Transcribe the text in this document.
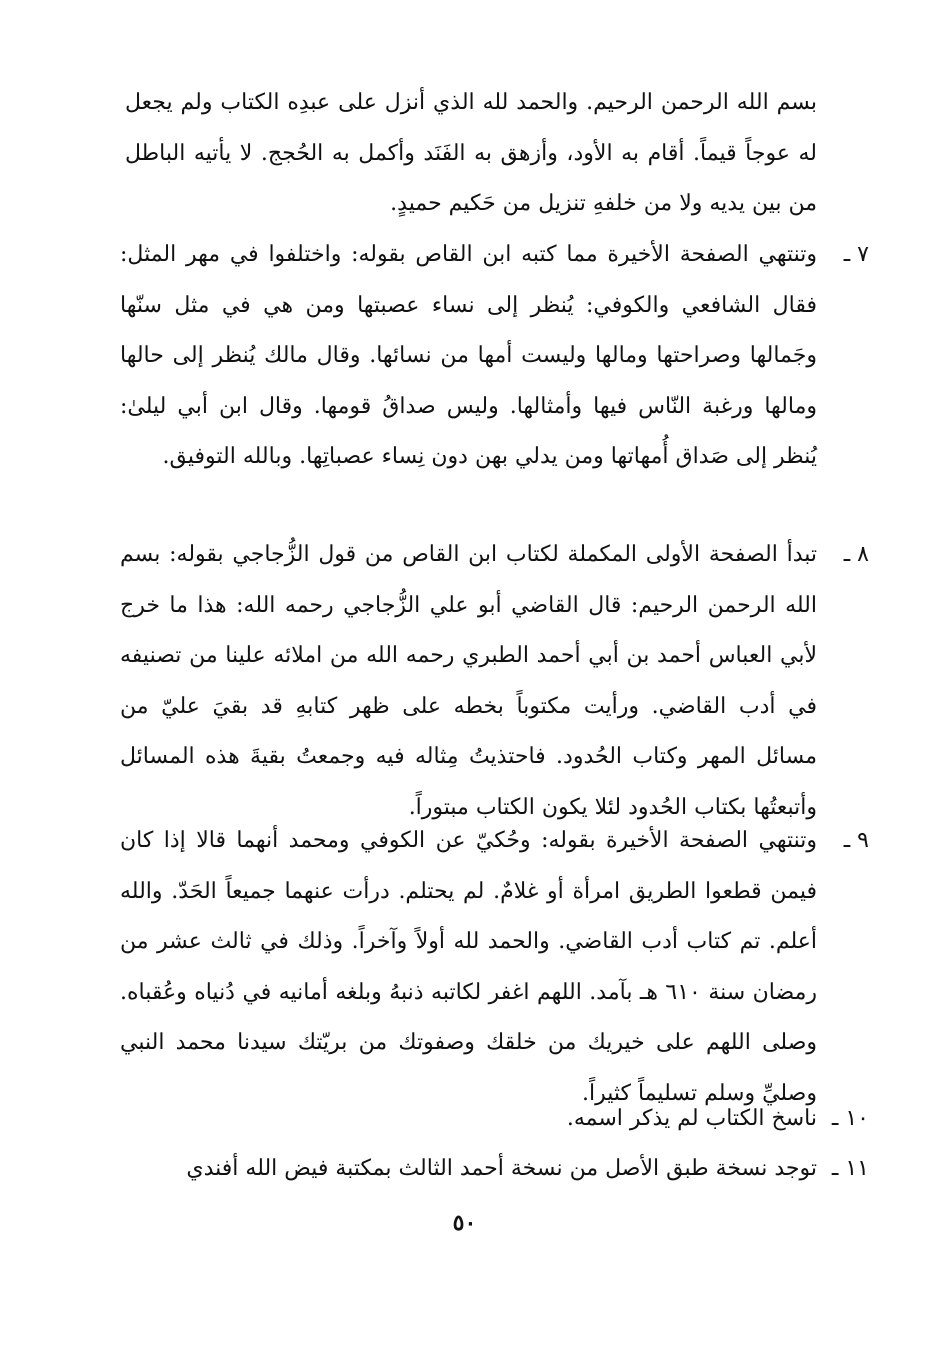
بسم الله الرحمن الرحيم. والحمد لله الذي أنزل على عبدِه الكتاب ولم يجعل له عوجاً قيماً. أقام به الأود، وأزهق به الفَنَد وأكمل به الحُجج. لا يأتيه الباطل من بين يديه ولا من خلفهِ تنزيل من حَكيم حميدٍ.
٧ ـ
وتنتهي الصفحة الأخيرة مما كتبه ابن القاص بقوله: واختلفوا في مهر المثل: فقال الشافعي والكوفي: يُنظر إلى نساء عصبتها ومن هي في مثل سنّها وجَمالها وصراحتها ومالها وليست أمها من نسائها. وقال مالك يُنظر إلى حالها ومالها ورغبة النّاس فيها وأمثالها. وليس صداقُ قومها. وقال ابن أبي ليلىٰ: يُنظر إلى صَداق أُمهاتها ومن يدلي بهن دون نِساء عصباتِها. وبالله التوفيق.
٨ ـ
تبدأ الصفحة الأولى المكملة لكتاب ابن القاص من قول الزُّجاجي بقوله: بسم الله الرحمن الرحيم: قال القاضي أبو علي الزُّجاجي رحمه الله: هذا ما خرج لأبي العباس أحمد بن أبي أحمد الطبري رحمه الله من املائه علينا من تصنيفه في أدب القاضي. ورأيت مكتوباً بخطه على ظهر كتابهِ قد بقيَ عليّ من مسائل المهر وكتاب الحُدود. فاحتذيتُ مِثاله فيه وجمعتُ بقيةَ هذه المسائل وأتبعتُها بكتاب الحُدود لئلا يكون الكتاب مبتوراً.
٩ ـ
وتنتهي الصفحة الأخيرة بقوله: وحُكيّ عن الكوفي ومحمد أنهما قالا إذا كان فيمن قطعوا الطريق امرأة أو غلامٌ. لم يحتلم. درأت عنهما جميعاً الحَدّ. والله أعلم. تم كتاب أدب القاضي. والحمد لله أولاً وآخراً. وذلك في ثالث عشر من رمضان سنة ٦١٠ هـ بآمد. اللهم اغفر لكاتبه ذنبهُ وبلغه أمانيه في دُنياه وعُقباه. وصلى اللهم على خيريك من خلقك وصفوتك من بريّتك سيدنا محمد النبي وصليِّ وسلم تسليماً كثيراً.
١٠ ـ
ناسخ الكتاب لم يذكر اسمه.
١١ ـ
توجد نسخة طبق الأصل من نسخة أحمد الثالث بمكتبة فيض الله أفندي
٥٠
